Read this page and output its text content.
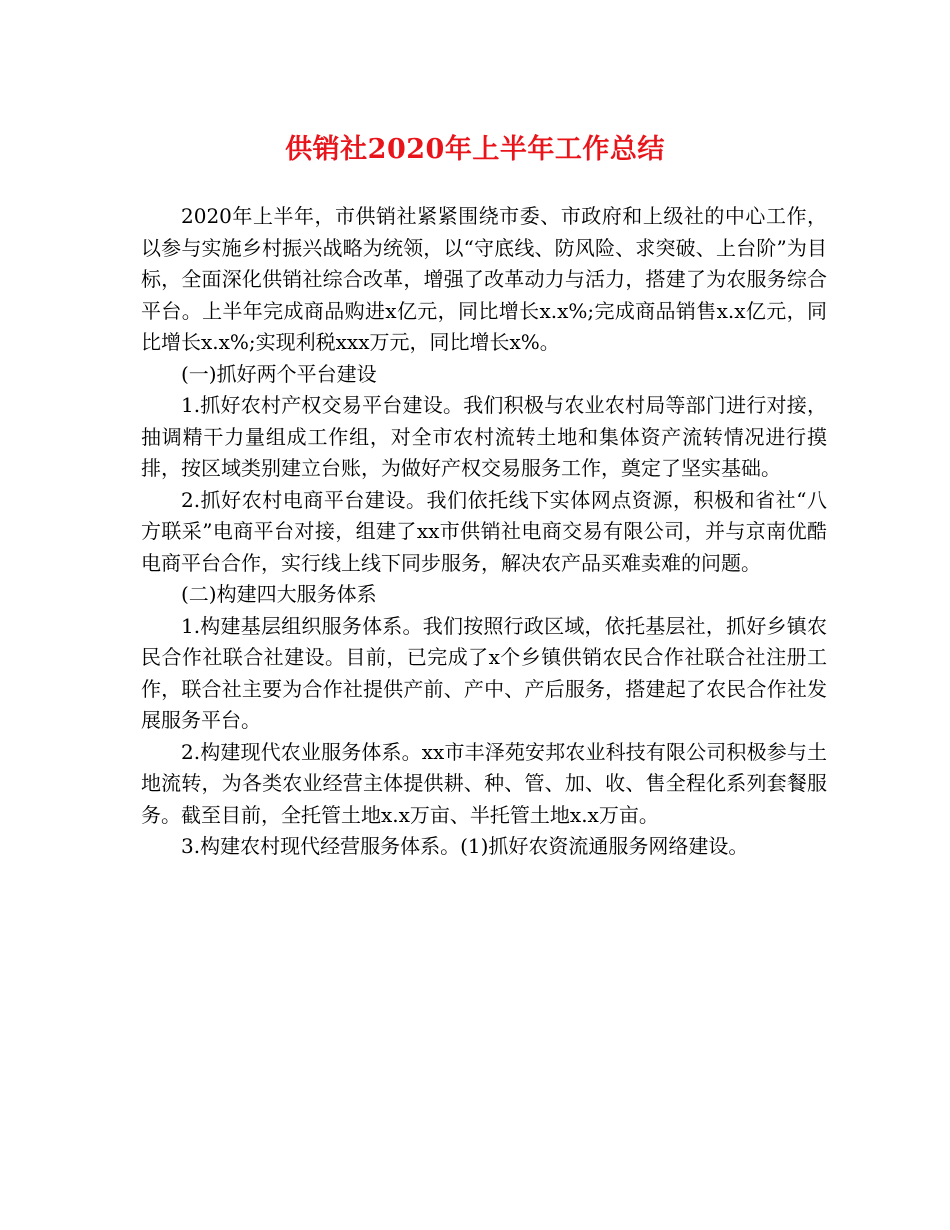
供销社2020年上半年工作总结

2020年上半年，市供销社紧紧围绕市委、市政府和上级社的中心工作，以参与实施乡村振兴战略为统领，以“守底线、防风险、求突破、上台阶”为目标，全面深化供销社综合改革，增强了改革动力与活力，搭建了为农服务综合平台。上半年完成商品购进x亿元，同比增长x.x%;完成商品销售x.x亿元，同比增长x.x%;实现利税xxx万元，同比增长x%。

(一)抓好两个平台建设

1.抓好农村产权交易平台建设。我们积极与农业农村局等部门进行对接，抽调精干力量组成工作组，对全市农村流转土地和集体资产流转情况进行摸排，按区域类别建立台账，为做好产权交易服务工作，奠定了坚实基础。

2.抓好农村电商平台建设。我们依托线下实体网点资源，积极和省社“八方联采”电商平台对接，组建了xx市供销社电商交易有限公司，并与京南优酷电商平台合作，实行线上线下同步服务，解决农产品买难卖难的问题。

(二)构建四大服务体系

1.构建基层组织服务体系。我们按照行政区域，依托基层社，抓好乡镇农民合作社联合社建设。目前，已完成了x个乡镇供销农民合作社联合社注册工作，联合社主要为合作社提供产前、产中、产后服务，搭建起了农民合作社发展服务平台。

2.构建现代农业服务体系。xx市丰泽苑安邦农业科技有限公司积极参与土地流转，为各类农业经营主体提供耕、种、管、加、收、售全程化系列套餐服务。截至目前，全托管土地x.x万亩、半托管土地x.x万亩。

3.构建农村现代经营服务体系。(1)抓好农资流通服务网络建设。
